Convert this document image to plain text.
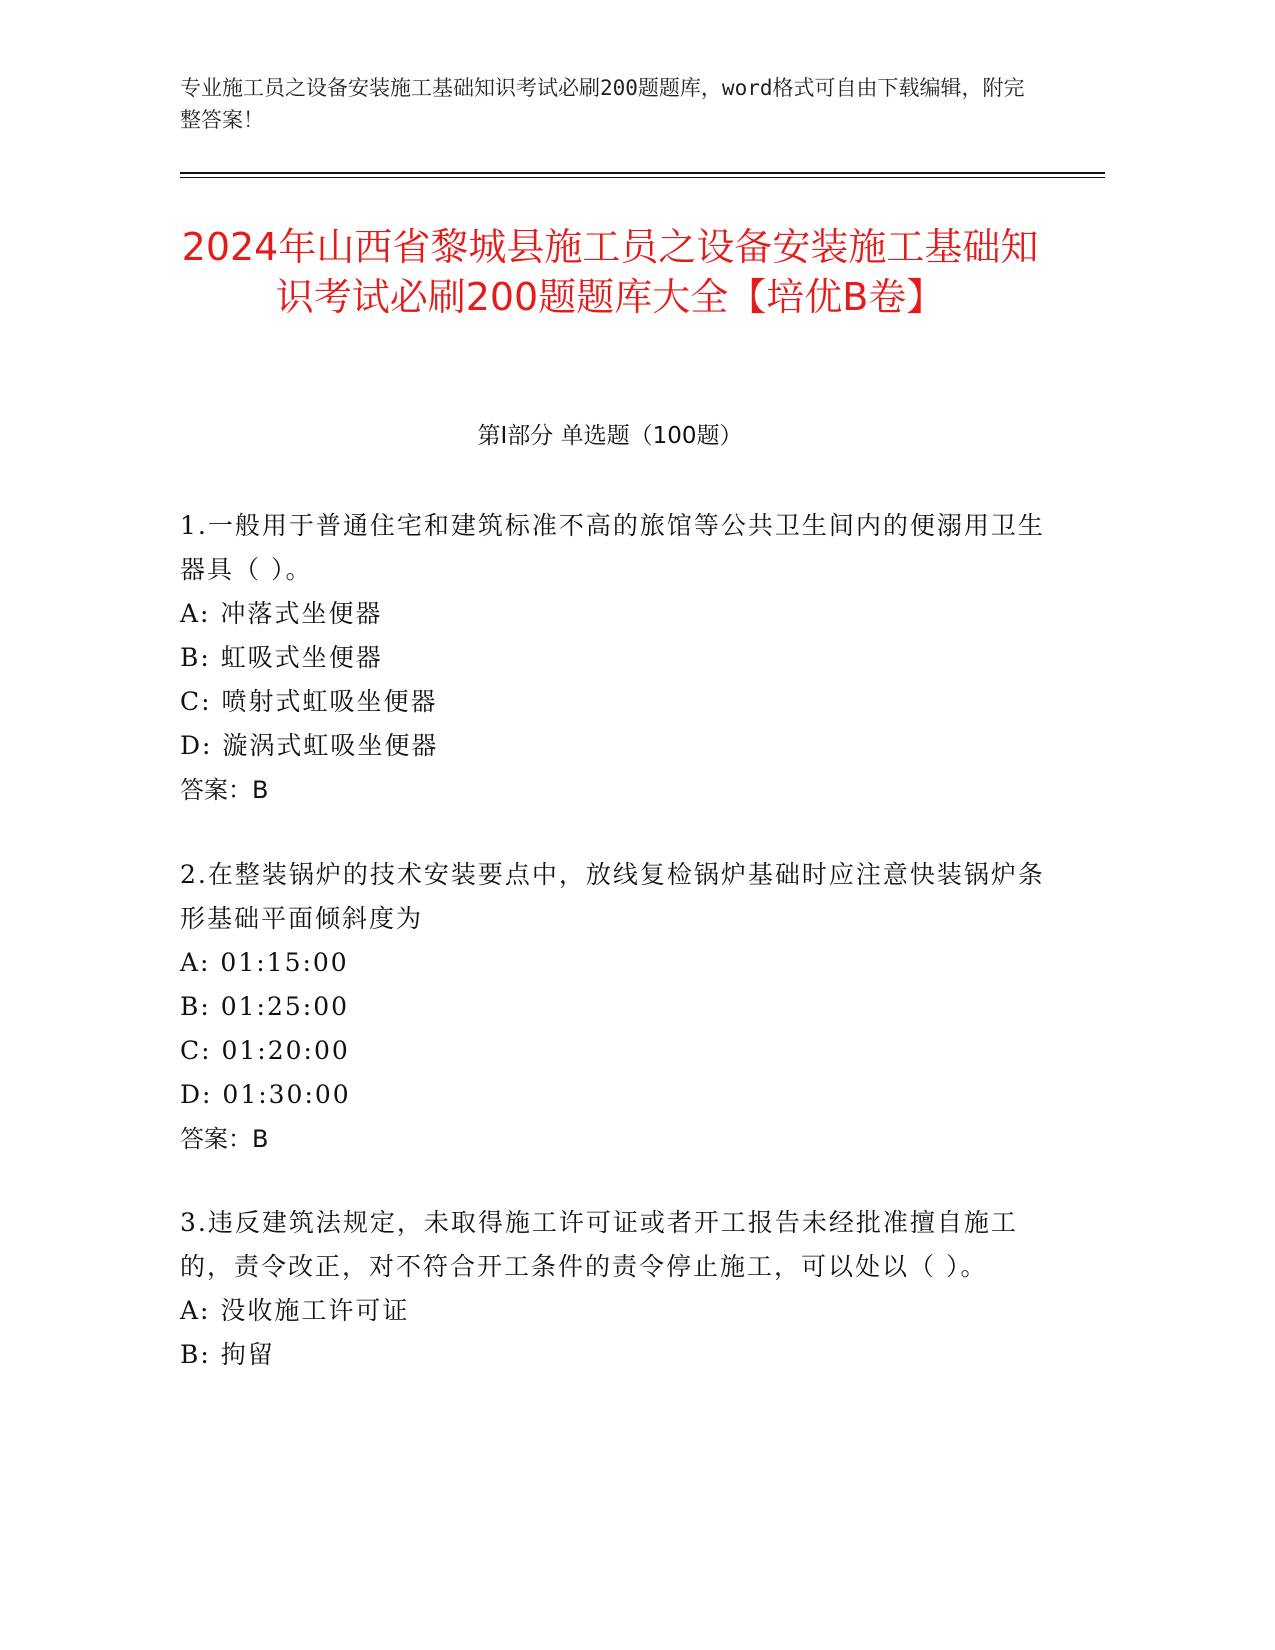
专业施工员之设备安装施工基础知识考试必刷200题题库，word格式可自由下载编辑，附完整答案！
2024年山西省黎城县施工员之设备安装施工基础知识考试必刷200题题库大全【培优B卷】
第I部分 单选题（100题）
1.一般用于普通住宅和建筑标准不高的旅馆等公共卫生间内的便溺用卫生器具（ ）。
A: 冲落式坐便器
B: 虹吸式坐便器
C: 喷射式虹吸坐便器
D: 漩涡式虹吸坐便器
答案：B
2.在整装锅炉的技术安装要点中，放线复检锅炉基础时应注意快装锅炉条形基础平面倾斜度为
A: 01:15:00
B: 01:25:00
C: 01:20:00
D: 01:30:00
答案：B
3.违反建筑法规定，未取得施工许可证或者开工报告未经批准擅自施工的，责令改正，对不符合开工条件的责令停止施工，可以处以（ ）。
A: 没收施工许可证
B: 拘留
